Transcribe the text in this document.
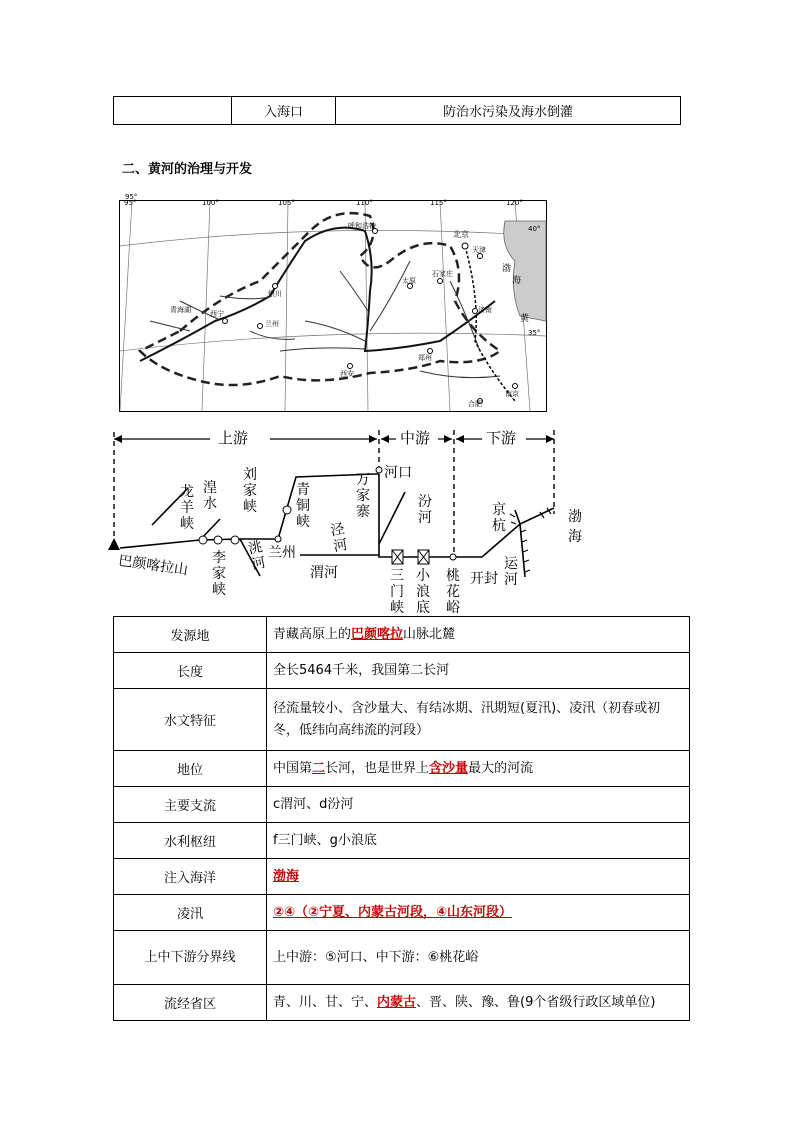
	入海口	防治水污染及海水倒灌
二、黄河的治理与开发
95°
95°	100°	105°	110°	115°	120°
40°
35°
北京
天津
呼和浩特
银川
兰州
西宁
太原
石家庄
济南
郑州
西安
南京
合肥
青海湖
渤
海
黄
上游	中游	下游
巴颜喀拉山
龙羊峡
湟水
刘家峡
李家峡
洮河
兰州
青铜峡
万家寨
河口
泾河
渭河
汾河
三门峡
小浪底
桃花峪
开封
京杭
运河
渤海
发源地	青藏高原上的巴颜喀拉山脉北麓
长度	全长5464千米，我国第二长河
水文特征	径流量较小、含沙量大、有结冰期、汛期短(夏汛)、凌汛（初春或初冬，低纬向高纬流的河段）
地位	中国第二长河，也是世界上含沙量最大的河流
主要支流	c渭河、d汾河
水利枢纽	f三门峡、g小浪底
注入海洋	渤海
凌汛	②④（②宁夏、内蒙古河段，④山东河段）
上中下游分界线	上中游：⑤河口、中下游：⑥桃花峪
流经省区	青、川、甘、宁、内蒙古、晋、陕、豫、鲁(9个省级行政区域单位)
